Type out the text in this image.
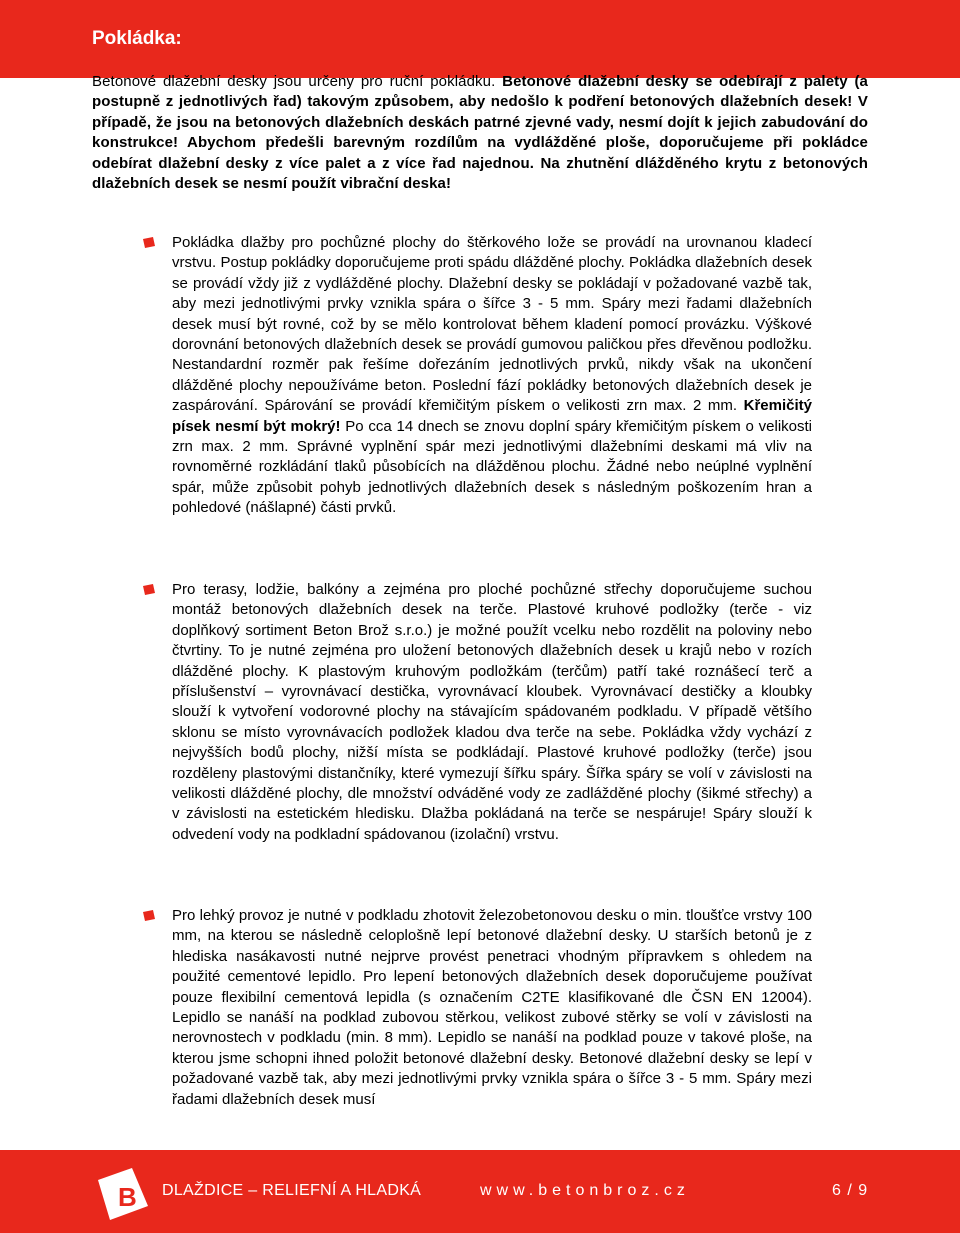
Pokládka:

Betonové dlažební desky jsou určeny pro ruční pokládku. Betonové dlažební desky se odebírají z palety (a postupně z jednotlivých řad) takovým způsobem, aby nedošlo k podření betonových dlažebních desek! V případě, že jsou na betonových dlažebních deskách patrné zjevné vady, nesmí dojít k jejich zabudování do konstrukce! Abychom předešli barevným rozdílům na vydlážděné ploše, doporučujeme při pokládce odebírat dlažební desky z více palet a z více řad najednou. Na zhutnění dlážděného krytu z betonových dlažebních desek se nesmí použít vibrační deska!

Pokládka dlažby pro pochůzné plochy do štěrkového lože se provádí na urovnanou kladecí vrstvu. Postup pokládky doporučujeme proti spádu dlážděné plochy. Pokládka dlažebních desek se provádí vždy již z vydlážděné plochy. Dlažební desky se pokládají v požadované vazbě tak, aby mezi jednotlivými prvky vznikla spára o šířce 3 - 5 mm. Spáry mezi řadami dlažebních desek musí být rovné, což by se mělo kontrolovat během kladení pomocí provázku. Výškové dorovnání betonových dlažebních desek se provádí gumovou paličkou přes dřevěnou podložku. Nestandardní rozměr pak řešíme dořezáním jednotlivých prvků, nikdy však na ukončení dlážděné plochy nepoužíváme beton. Poslední fází pokládky betonových dlažebních desek je zaspárování. Spárování se provádí křemičitým pískem o velikosti zrn max. 2 mm. Křemičitý písek nesmí být mokrý! Po cca 14 dnech se znovu doplní spáry křemičitým pískem o velikosti zrn max. 2 mm. Správné vyplnění spár mezi jednotlivými dlažebními deskami má vliv na rovnoměrné rozkládání tlaků působících na dlážděnou plochu. Žádné nebo neúplné vyplnění spár, může způsobit pohyb jednotlivých dlažebních desek s následným poškozením hran a pohledové (nášlapné) části prvků.

Pro terasy, lodžie, balkóny a zejména pro ploché pochůzné střechy doporučujeme suchou montáž betonových dlažebních desek na terče. Plastové kruhové podložky (terče - viz doplňkový sortiment Beton Brož s.r.o.) je možné použít vcelku nebo rozdělit na poloviny nebo čtvrtiny. To je nutné zejména pro uložení betonových dlažebních desek u krajů nebo v rozích dlážděné plochy. K plastovým kruhovým podložkám (terčům) patří také roznášecí terč a příslušenství – vyrovnávací destička, vyrovnávací kloubek. Vyrovnávací destičky a kloubky slouží k vytvoření vodorovné plochy na stávajícím spádovaném podkladu. V případě většího sklonu se místo vyrovnávacích podložek kladou dva terče na sebe. Pokládka vždy vychází z nejvyšších bodů plochy, nižší místa se podkládají. Plastové kruhové podložky (terče) jsou rozděleny plastovými distančníky, které vymezují šířku spáry. Šířka spáry se volí v závislosti na velikosti dlážděné plochy, dle množství odváděné vody ze zadlážděné plochy (šikmé střechy) a v závislosti na estetickém hledisku. Dlažba pokládaná na terče se nespáruje! Spáry slouží k odvedení vody na podkladní spádovanou (izolační) vrstvu.

Pro lehký provoz je nutné v podkladu zhotovit železobetonovou desku o min. tloušťce vrstvy 100 mm, na kterou se následně celoplošně lepí betonové dlažební desky. U starších betonů je z hlediska nasákavosti nutné nejprve provést penetraci vhodným přípravkem s ohledem na použité cementové lepidlo. Pro lepení betonových dlažebních desek doporučujeme používat pouze flexibilní cementová lepidla (s označením C2TE klasifikované dle ČSN EN 12004). Lepidlo se nanáší na podklad zubovou stěrkou, velikost zubové stěrky se volí v závislosti na nerovnostech v podkladu (min. 8 mm). Lepidlo se nanáší na podklad pouze v takové ploše, na kterou jsme schopni ihned položit betonové dlažební desky. Betonové dlažební desky se lepí v požadované vazbě tak, aby mezi jednotlivými prvky vznikla spára o šířce 3 - 5 mm. Spáry mezi řadami dlažebních desek musí

B DLAŽDICE – RELIEFNÍ A HLADKÁ	www.betonbroz.cz	6 / 9
